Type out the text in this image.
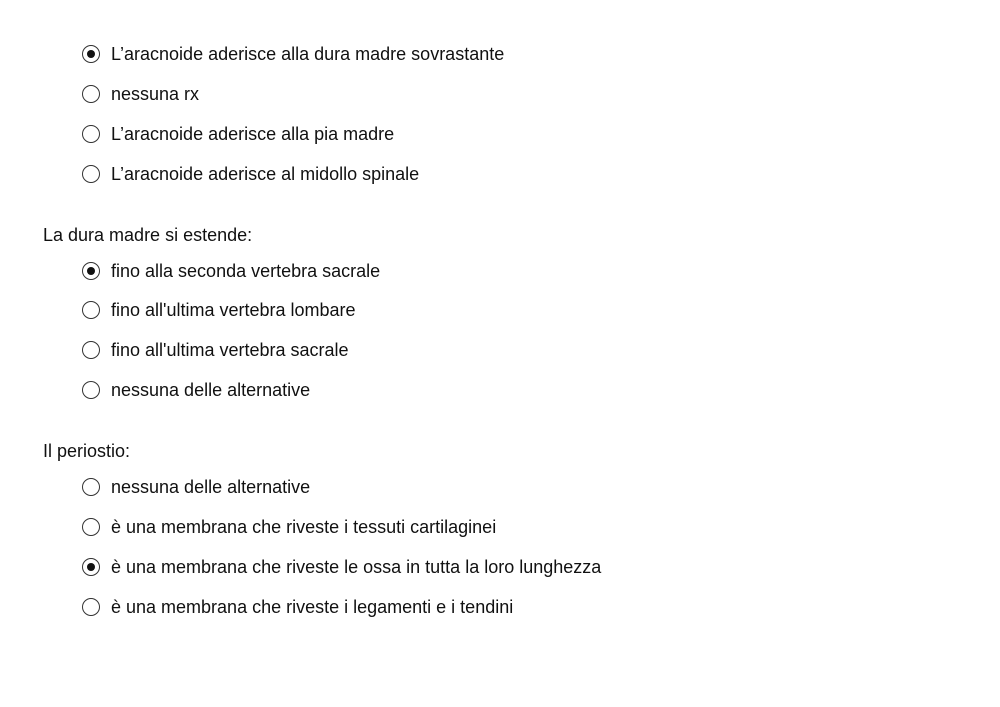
L’aracnoide aderisce alla dura madre sovrastante
nessuna rx
L’aracnoide aderisce alla pia madre
L’aracnoide aderisce al midollo spinale
La dura madre si estende:
fino alla seconda vertebra sacrale
fino all'ultima vertebra lombare
fino all'ultima vertebra sacrale
nessuna delle alternative
Il periostio:
nessuna delle alternative
è una membrana che riveste i tessuti cartilaginei
è una membrana che riveste le ossa in tutta la loro lunghezza
è una membrana che riveste i legamenti e i tendini
